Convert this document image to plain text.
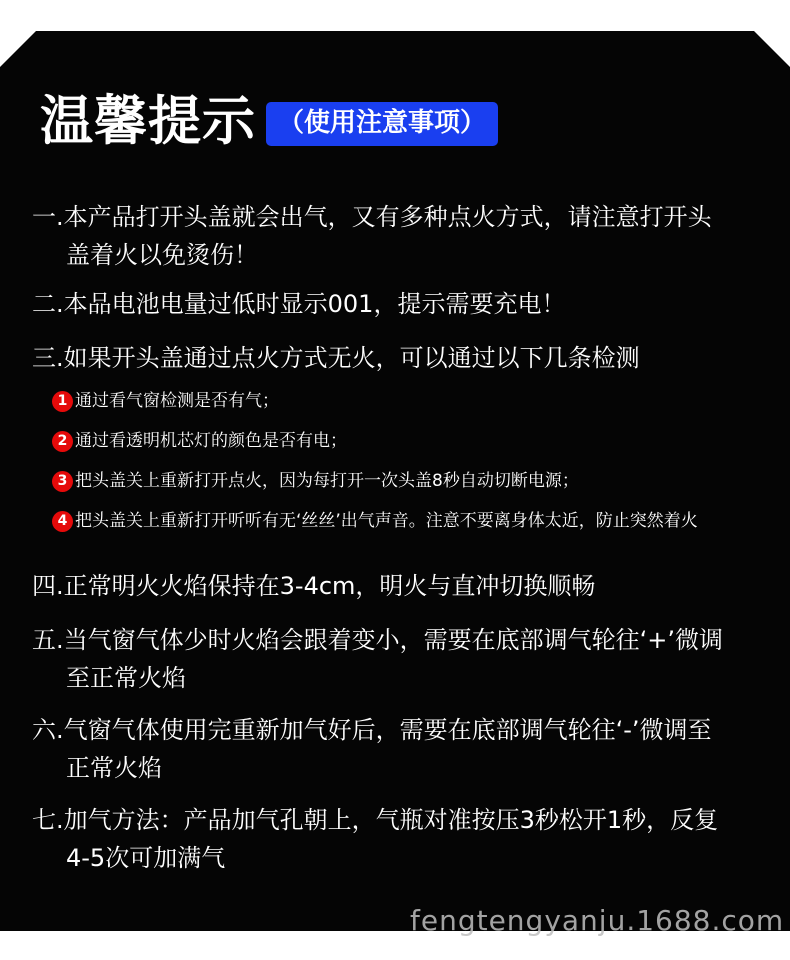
温馨提示 （使用注意事项）
一.本产品打开头盖就会出气，又有多种点火方式，请注意打开头
盖着火以免烫伤！
二.本品电池电量过低时显示001，提示需要充电！
三.如果开头盖通过点火方式无火，可以通过以下几条检测
1 通过看气窗检测是否有气；
2 通过看透明机芯灯的颜色是否有电；
3 把头盖关上重新打开点火，因为每打开一次头盖8秒自动切断电源；
4 把头盖关上重新打开听听有无‘丝丝’出气声音。注意不要离身体太近，防止突然着火
四.正常明火火焰保持在3-4cm，明火与直冲切换顺畅
五.当气窗气体少时火焰会跟着变小，需要在底部调气轮往‘+’微调
至正常火焰
六.气窗气体使用完重新加气好后，需要在底部调气轮往‘-’微调至
正常火焰
七.加气方法：产品加气孔朝上，气瓶对准按压3秒松开1秒，反复
4-5次可加满气
fengtengyanju.1688.com
